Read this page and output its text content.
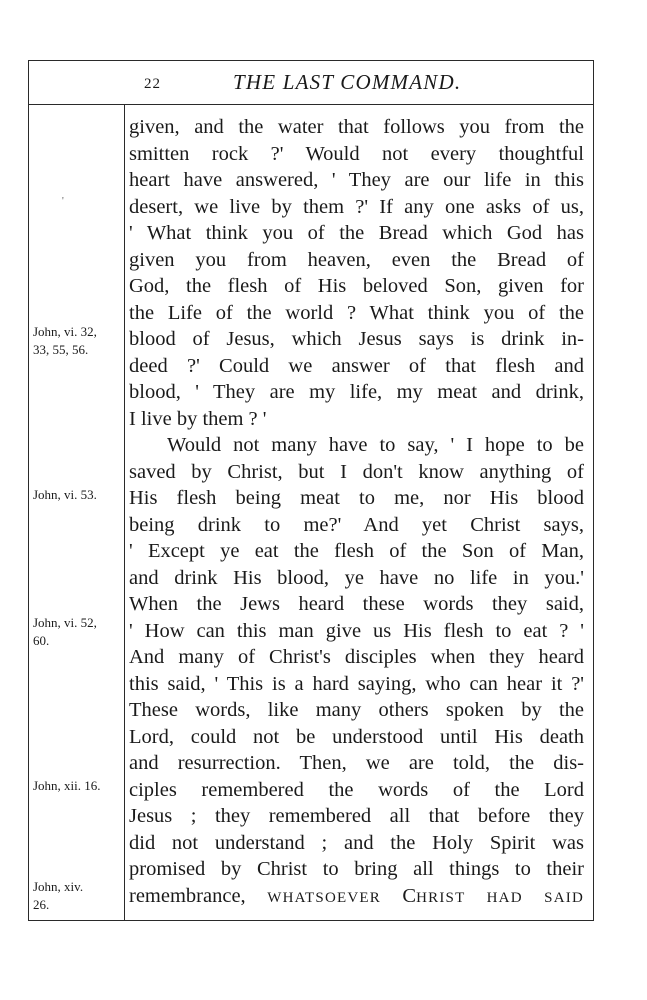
22	THE LAST COMMAND.
'
John, vi. 32,
33, 55, 56.
John, vi. 53.
John, vi. 52,
60.
John, xii. 16.
John, xiv.
26.
given, and the water that follows you from the
smitten rock ?' Would not every thoughtful
heart have answered, ' They are our life in this
desert, we live by them ?' If any one asks of us,
' What think you of the Bread which God has
given you from heaven, even the Bread of
God, the flesh of His beloved Son, given for
the Life of the world ? What think you of the
blood of Jesus, which Jesus says is drink in-
deed ?' Could we answer of that flesh and
blood, ' They are my life, my meat and drink,
I live by them ? '
Would not many have to say, ' I hope to be
saved by Christ, but I don't know anything of
His flesh being meat to me, nor His blood
being drink to me?' And yet Christ says,
' Except ye eat the flesh of the Son of Man,
and drink His blood, ye have no life in you.'
When the Jews heard these words they said,
' How can this man give us His flesh to eat ? '
And many of Christ's disciples when they heard
this said, ' This is a hard saying, who can hear it ?'
These words, like many others spoken by the
Lord, could not be understood until His death
and resurrection. Then, we are told, the dis-
ciples remembered the words of the Lord
Jesus ; they remembered all that before they
did not understand ; and the Holy Spirit was
promised by Christ to bring all things to their
remembrance, WHATSOEVER CHRIST HAD SAID
